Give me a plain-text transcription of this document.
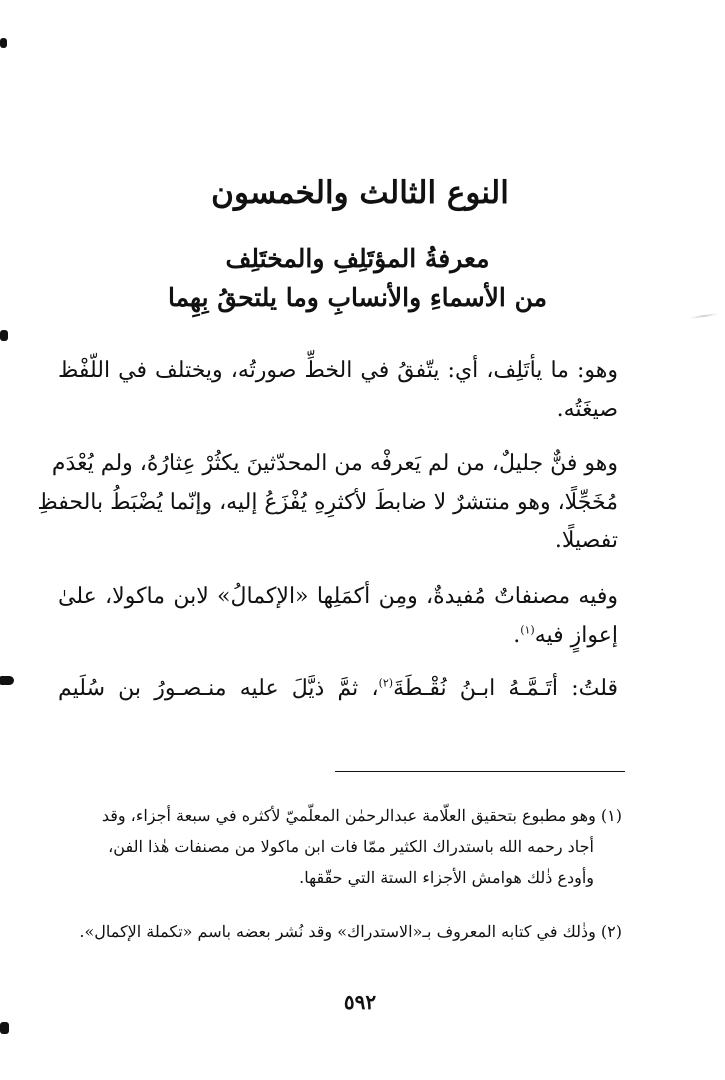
النوع الثالث والخمسون
معرفةُ المؤتَلِفِ والمختَلِف
من الأسماءِ والأنسابِ وما يلتحقُ بِهِما
وهو: ما يأتَلِف، أي: يتّفقُ في الخطِّ صورتُه، ويختلف في اللّفْظ
صيغَتُه.
وهو فنٌّ جليلٌ، من لم يَعرفْه من المحدّثينَ يكثُرْ عِثارُهُ، ولم يُعْدَم
مُخَجِّلًا، وهو منتشرٌ لا ضابطَ لأكثرِهِ يُفْزَعُ إليه، وإنّما يُضْبَطُ بالحفظِ
تفصيلًا.
وفيه مصنفاتٌ مُفيدةٌ، ومِن أكمَلِها «الإكمالُ» لابن ماكولا، علىٰ
إعوازٍ فيه$^{(١)}$.
قلتُ: أتَـمَّـهُ ابـنُ نُقْـطَةَ$^{(٢)}$، ثمَّ ذيَّلَ عليه منـصـورُ بن سُلَيم
(١) وهو مطبوع بتحقيق العلّامة عبدالرحمٰن المعلّميّ لأكثره في سبعة أجزاء، وقد
أجاد رحمه الله باستدراك الكثير ممّا فات ابن ماكولا من مصنفات هٰذا الفن،
وأودع ذٰلك هوامش الأجزاء الستة التي حقّقها.
(٢) وذٰلك في كتابه المعروف بـ«الاستدراك» وقد نُشر بعضه باسم «تكملة الإكمال».
٥٩٢
